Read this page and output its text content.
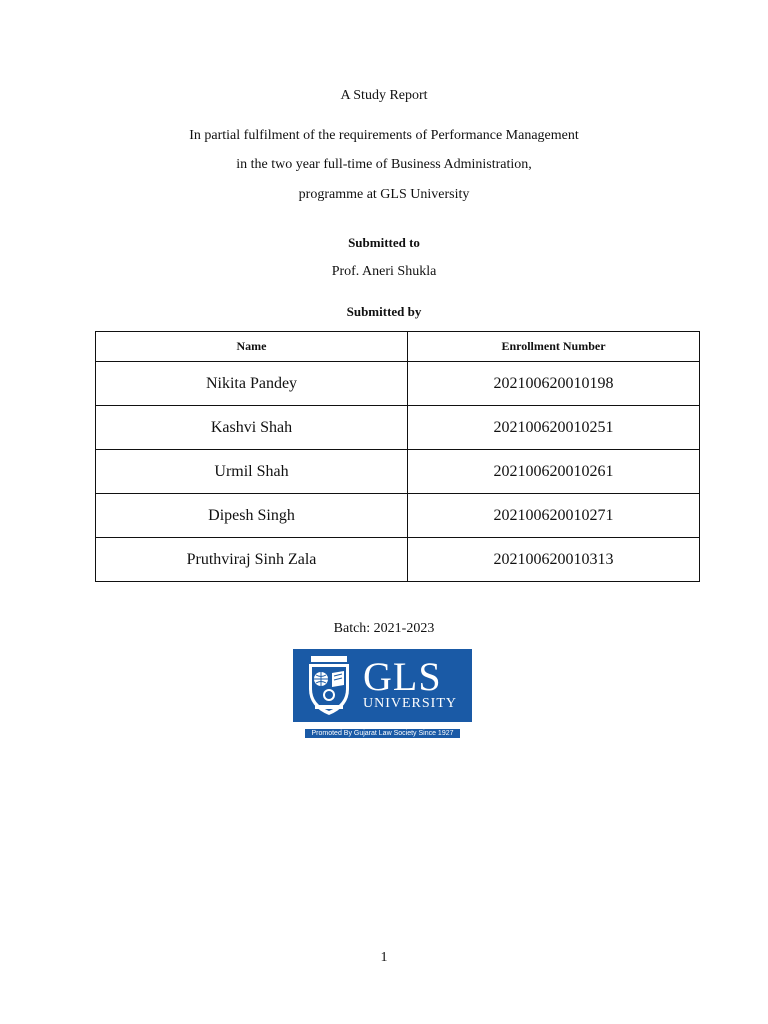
A Study Report
In partial fulfilment of the requirements of Performance Management
in the two year full-time of Business Administration,
programme at GLS University
Submitted to
Prof. Aneri Shukla
Submitted by
Name	Enrollment Number
Nikita Pandey	202100620010198
Kashvi Shah	202100620010251
Urmil Shah	202100620010261
Dipesh Singh	202100620010271
Pruthviraj Sinh Zala	202100620010313
Batch: 2021-2023
GLS
UNIVERSITY
Promoted By Gujarat Law Society Since 1927
1
